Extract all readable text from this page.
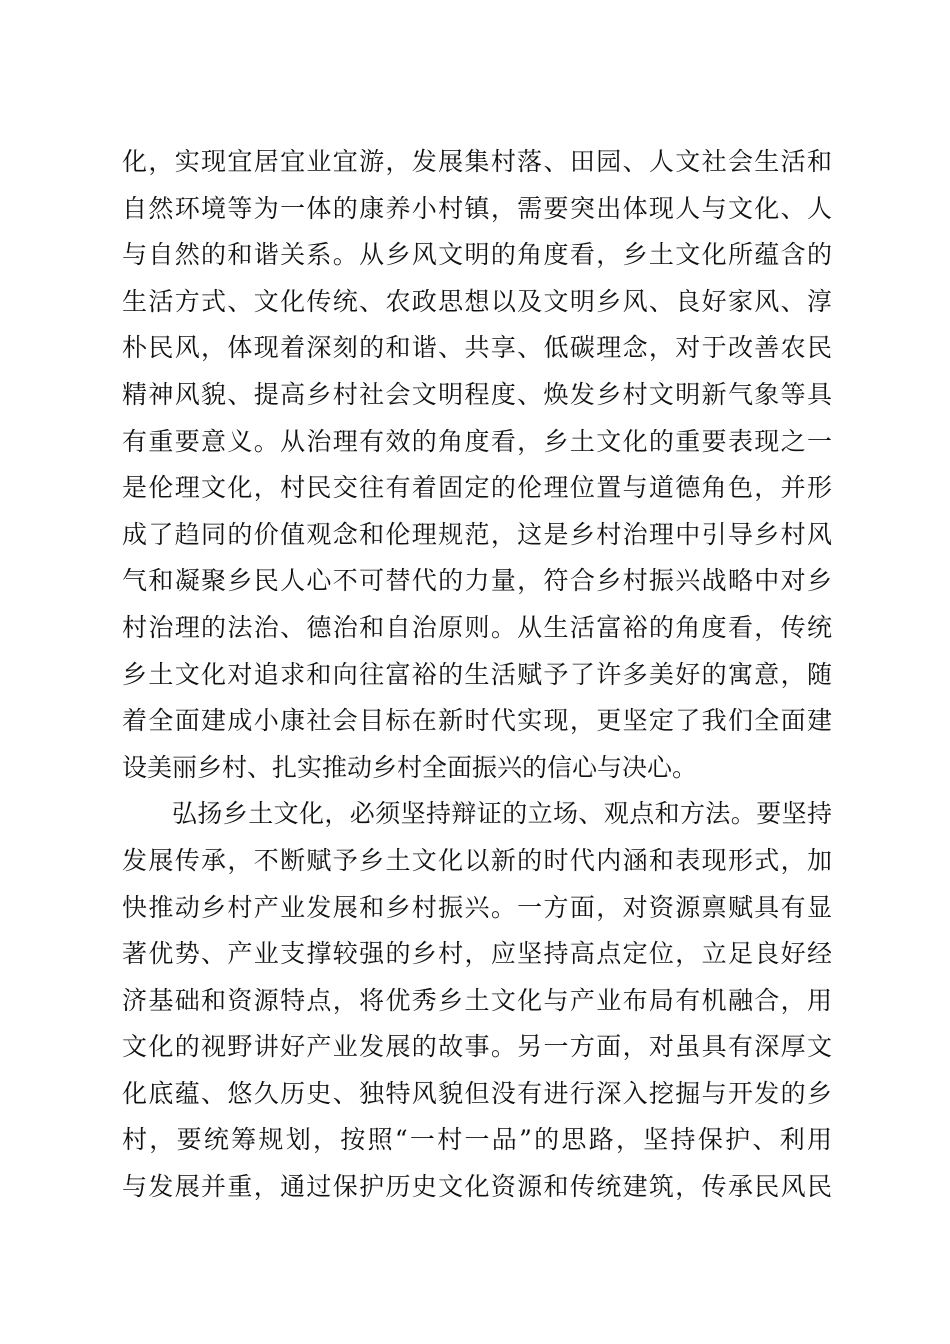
化，实现宜居宜业宜游，发展集村落、田园、人文社会生活和
自然环境等为一体的康养小村镇，需要突出体现人与文化、人
与自然的和谐关系。从乡风文明的角度看，乡土文化所蕴含的
生活方式、文化传统、农政思想以及文明乡风、良好家风、淳
朴民风，体现着深刻的和谐、共享、低碳理念，对于改善农民
精神风貌、提高乡村社会文明程度、焕发乡村文明新气象等具
有重要意义。从治理有效的角度看，乡土文化的重要表现之一
是伦理文化，村民交往有着固定的伦理位置与道德角色，并形
成了趋同的价值观念和伦理规范，这是乡村治理中引导乡村风
气和凝聚乡民人心不可替代的力量，符合乡村振兴战略中对乡
村治理的法治、德治和自治原则。从生活富裕的角度看，传统
乡土文化对追求和向往富裕的生活赋予了许多美好的寓意，随
着全面建成小康社会目标在新时代实现，更坚定了我们全面建
设美丽乡村、扎实推动乡村全面振兴的信心与决心。
弘扬乡土文化，必须坚持辩证的立场、观点和方法。要坚持
发展传承，不断赋予乡土文化以新的时代内涵和表现形式，加
快推动乡村产业发展和乡村振兴。一方面，对资源禀赋具有显
著优势、产业支撑较强的乡村，应坚持高点定位，立足良好经
济基础和资源特点，将优秀乡土文化与产业布局有机融合，用
文化的视野讲好产业发展的故事。另一方面，对虽具有深厚文
化底蕴、悠久历史、独特风貌但没有进行深入挖掘与开发的乡
村，要统筹规划，按照“一村一品”的思路，坚持保护、利用
与发展并重，通过保护历史文化资源和传统建筑，传承民风民
